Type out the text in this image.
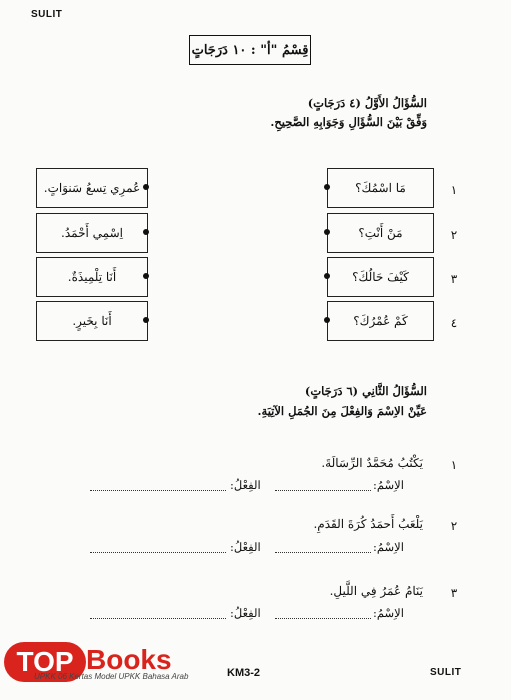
SULIT
قِسْمُ "أ" : ١٠ دَرَجَاتٍ
السُّؤَالُ الأَوَّلُ (٤ دَرَجَاتٍ)
وَفِّقْ بَيْنَ السُّؤَالِ وَجَوَابِهِ الصَّحِيحِ.
١
مَا اسْمُكَ؟
عُمرِي تِسعُ سَنوَاتٍ.
٢
مَنْ أَنْتِ؟
اِسْمِي أَحْمَدُ.
٣
كَيْفَ حَالُكَ؟
أَنَا تِلْمِيذَةٌ.
٤
كَمْ عُمْرُكَ؟
أَنَا بِخَيرٍ.
السُّؤَالُ الثَّانِي (٦ دَرَجَاتٍ)
عَيِّنْ الاِسْمَ وَالفِعْلَ مِنَ الجُمَلِ الآتِيَةِ.
١
يَكْتُبُ مُحَمَّدٌ الرِّسَالَةَ.
الاِسْمُ:
الفِعْلُ:
٢
يَلْعَبُ أَحمَدُ كُرَةَ القَدَمِ.
الاِسْمُ:
الفِعْلُ:
٣
يَنَامُ عُمَرُ فِي اللَّيلِ.
الاِسْمُ:
الفِعْلُ:
TOP Books
UPKK 06 Kertas Model UPKK Bahasa Arab	KM3-2	SULIT
